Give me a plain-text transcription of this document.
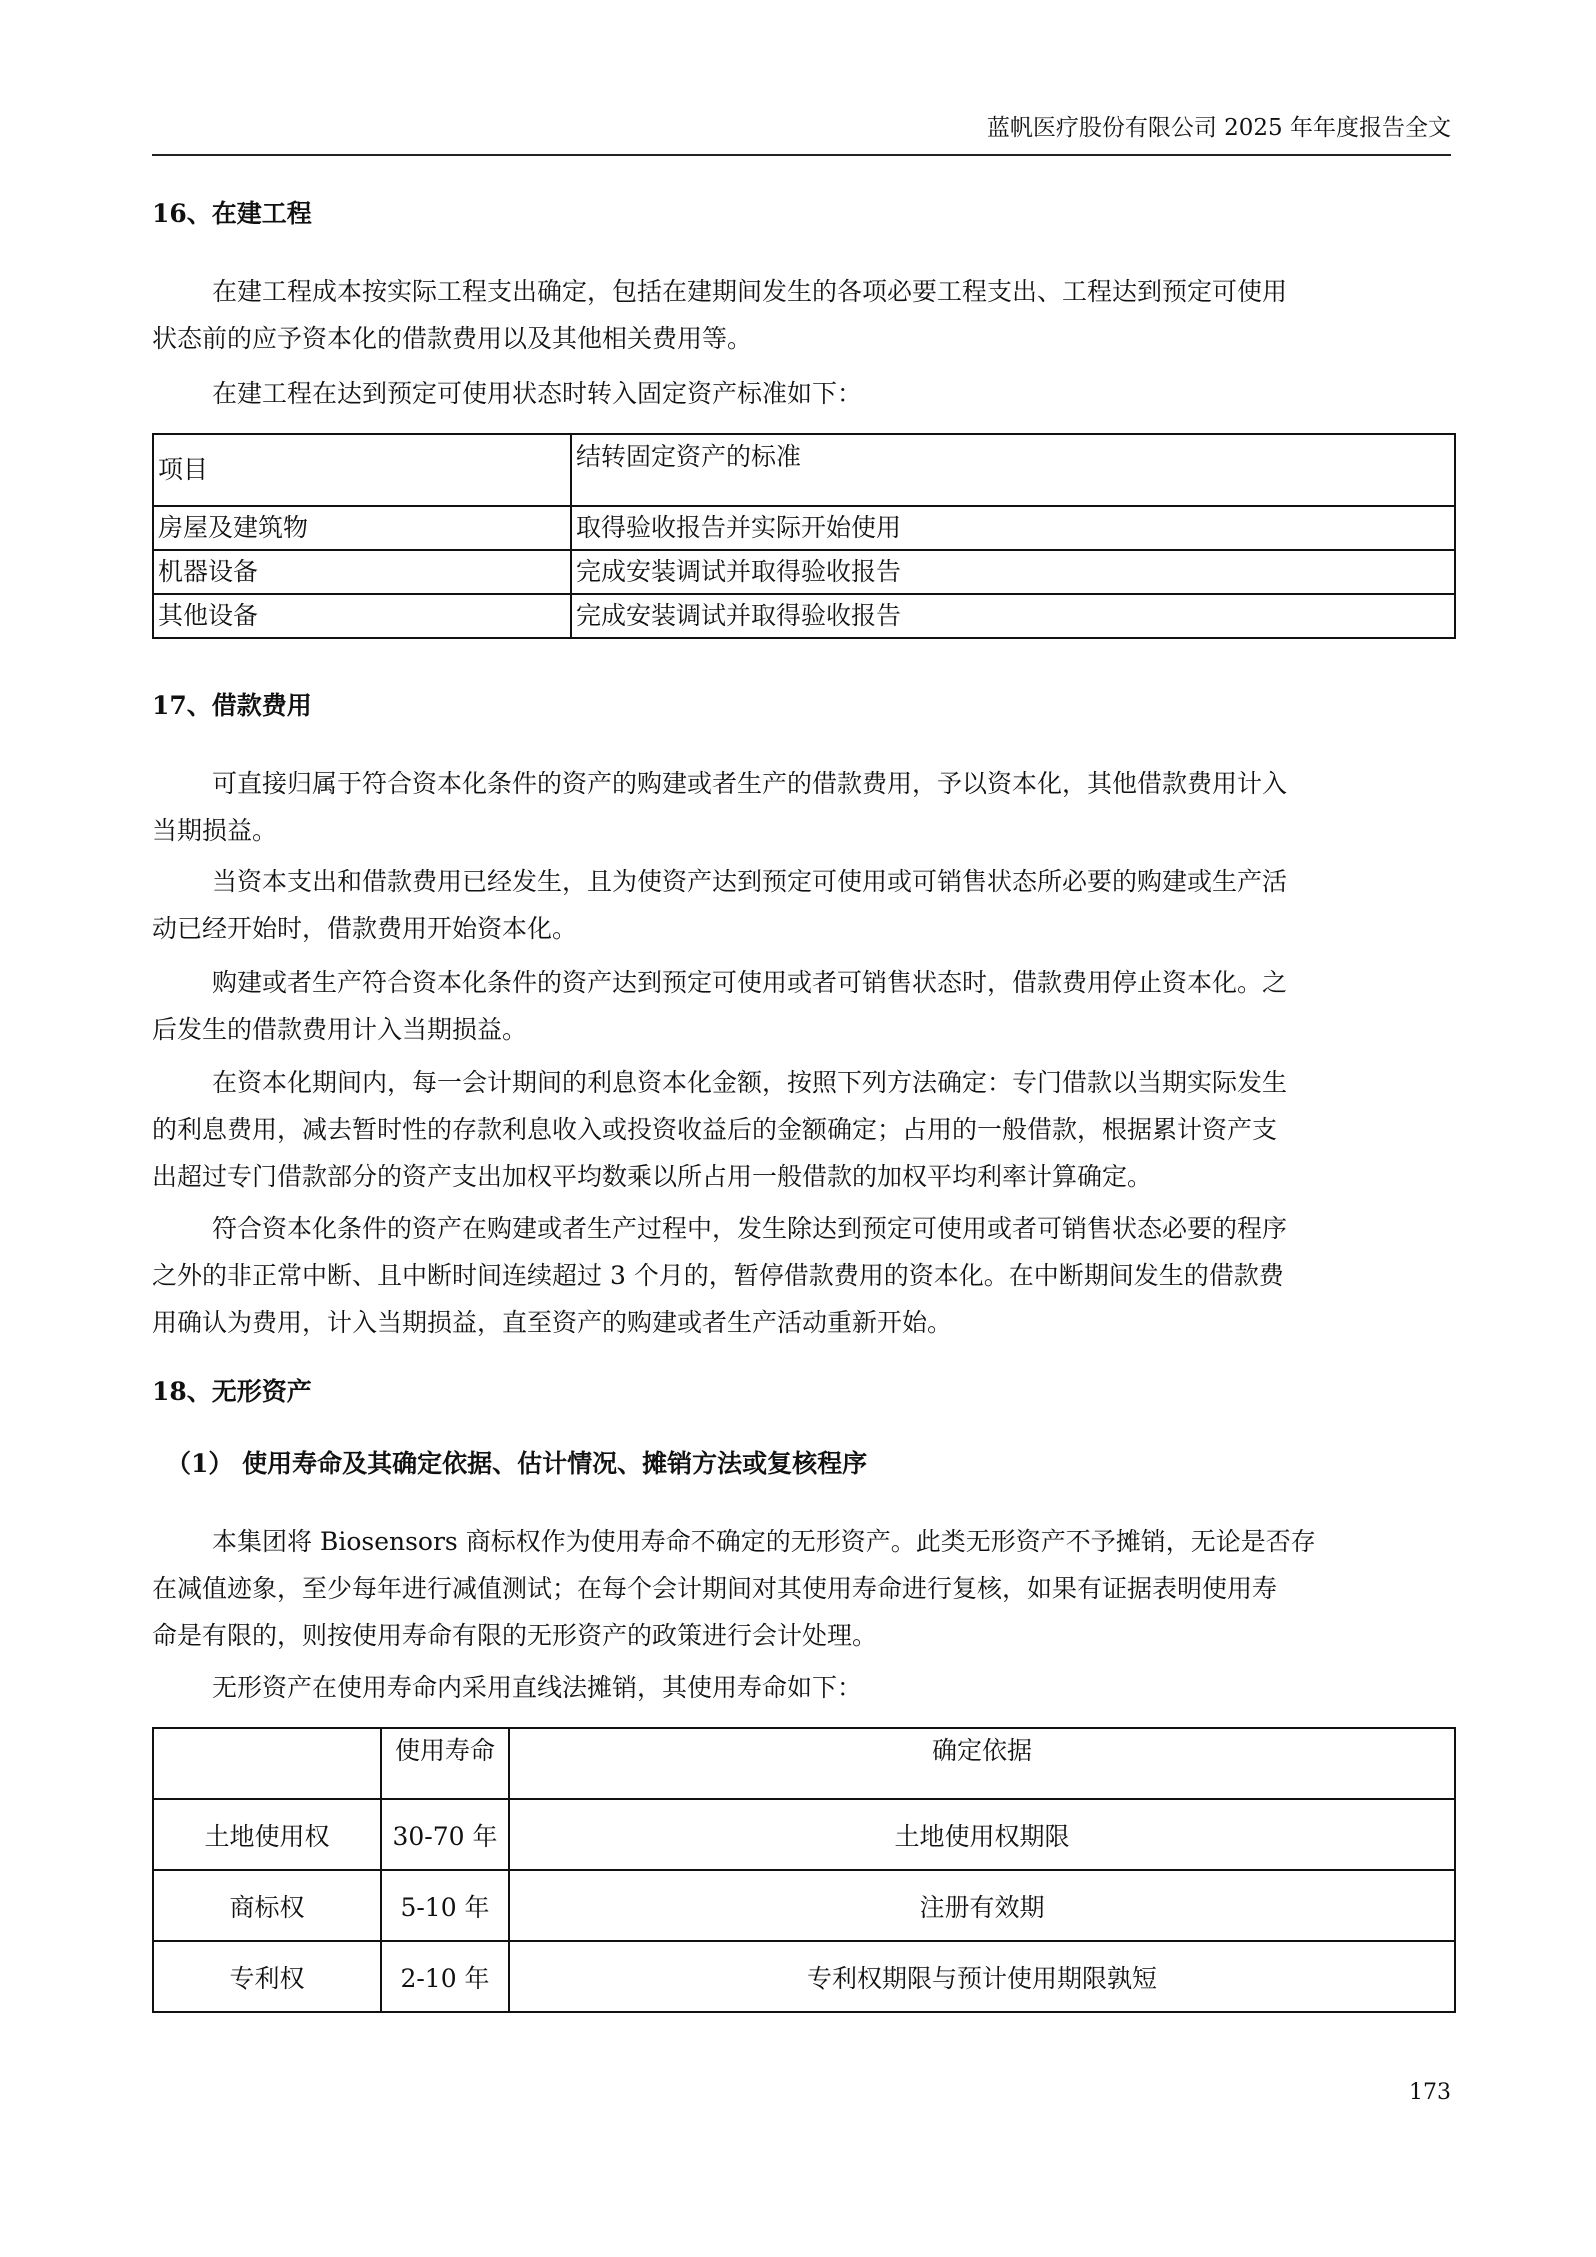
蓝帆医疗股份有限公司 2025 年年度报告全文
16、在建工程

在建工程成本按实际工程支出确定，包括在建期间发生的各项必要工程支出、工程达到预定可使用
状态前的应予资本化的借款费用以及其他相关费用等。

在建工程在达到预定可使用状态时转入固定资产标准如下：

项目	结转固定资产的标准
房屋及建筑物	取得验收报告并实际开始使用
机器设备	完成安装调试并取得验收报告
其他设备	完成安装调试并取得验收报告
17、借款费用

可直接归属于符合资本化条件的资产的购建或者生产的借款费用，予以资本化，其他借款费用计入
当期损益。

当资本支出和借款费用已经发生，且为使资产达到预定可使用或可销售状态所必要的购建或生产活
动已经开始时，借款费用开始资本化。

购建或者生产符合资本化条件的资产达到预定可使用或者可销售状态时，借款费用停止资本化。之
后发生的借款费用计入当期损益。

在资本化期间内，每一会计期间的利息资本化金额，按照下列方法确定：专门借款以当期实际发生
的利息费用，减去暂时性的存款利息收入或投资收益后的金额确定；占用的一般借款，根据累计资产支
出超过专门借款部分的资产支出加权平均数乘以所占用一般借款的加权平均利率计算确定。

符合资本化条件的资产在购建或者生产过程中，发生除达到预定可使用或者可销售状态必要的程序
之外的非正常中断、且中断时间连续超过 3 个月的，暂停借款费用的资本化。在中断期间发生的借款费
用确认为费用，计入当期损益，直至资产的购建或者生产活动重新开始。

18、无形资产
（1） 使用寿命及其确定依据、估计情况、摊销方法或复核程序

本集团将 Biosensors 商标权作为使用寿命不确定的无形资产。此类无形资产不予摊销，无论是否存
在减值迹象，至少每年进行减值测试；在每个会计期间对其使用寿命进行复核，如果有证据表明使用寿
命是有限的，则按使用寿命有限的无形资产的政策进行会计处理。

无形资产在使用寿命内采用直线法摊销，其使用寿命如下：

	使用寿命	确定依据
土地使用权	30-70 年	土地使用权期限
商标权	5-10 年	注册有效期
专利权	2-10 年	专利权期限与预计使用期限孰短
173
